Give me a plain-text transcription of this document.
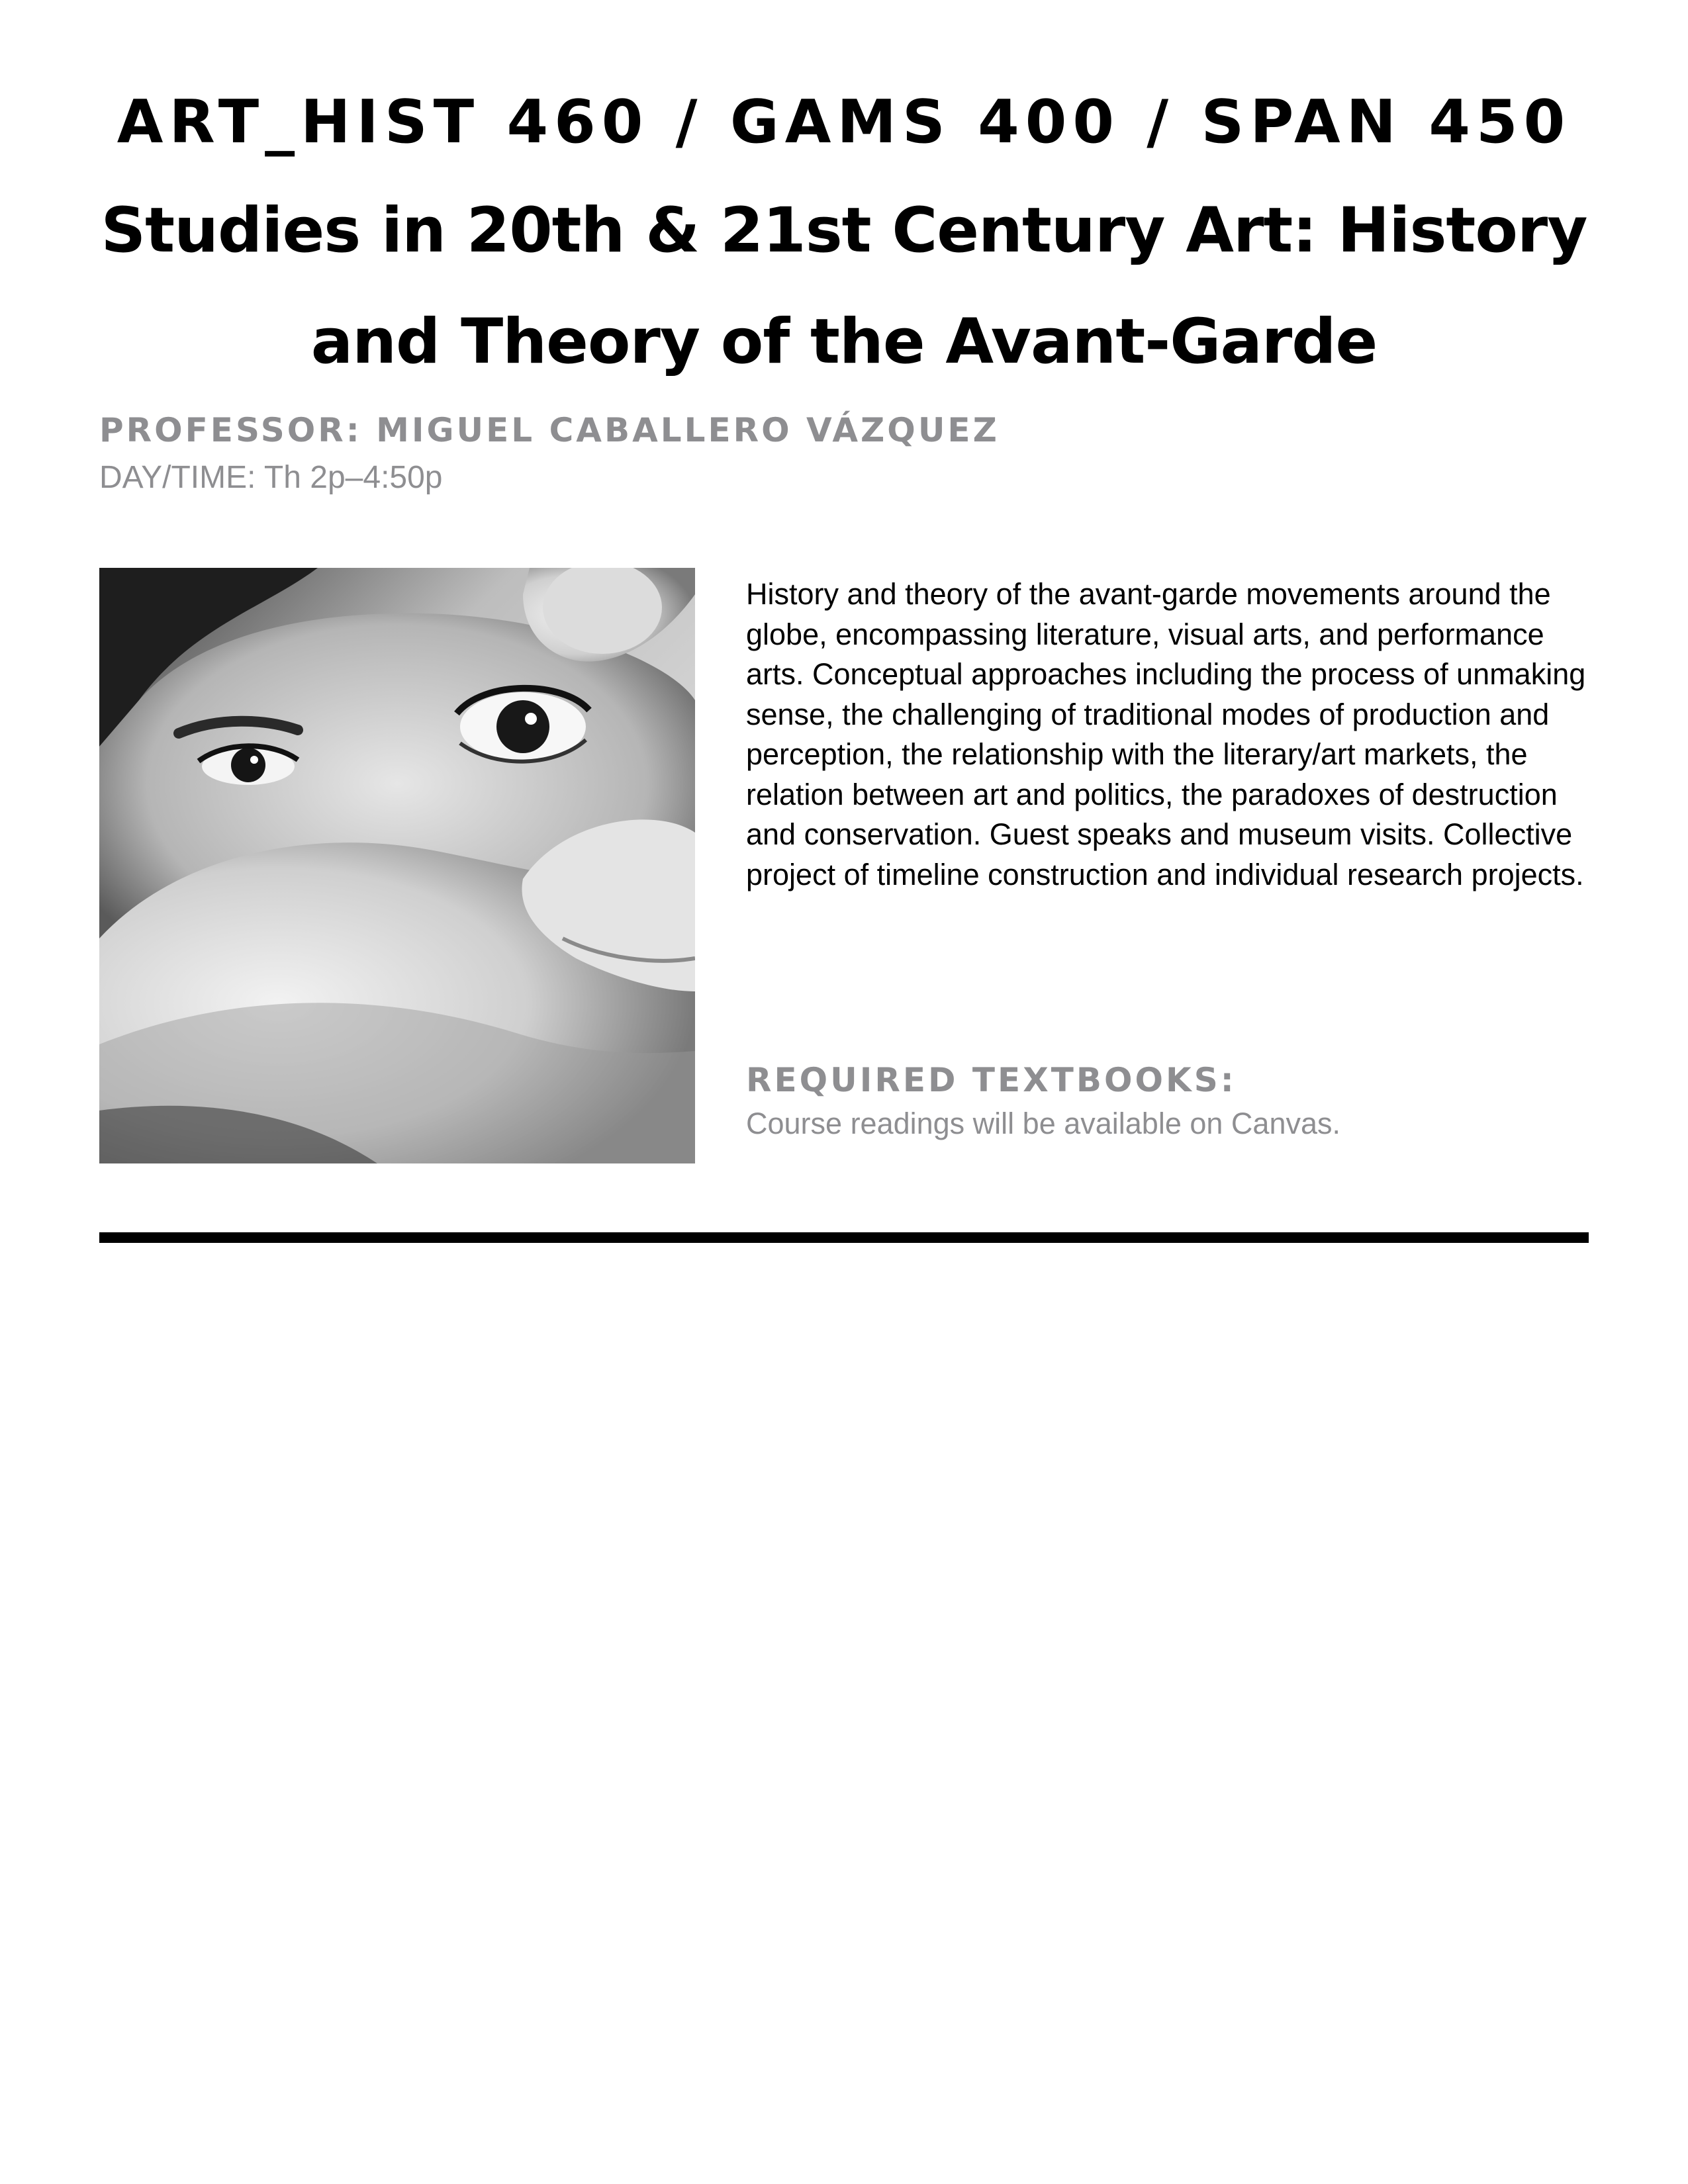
ART_HIST 460 / GAMS 400 / SPAN 450
Studies in 20th & 21st Century Art: History and Theory of the Avant-Garde
PROFESSOR: MIGUEL CABALLERO VÁZQUEZ
DAY/TIME: Th 2p–4:50p

History and theory of the avant-garde movements around the globe, encompassing literature, visual arts, and performance arts. Conceptual approaches including the process of unmaking sense, the challenging of traditional modes of production and perception, the relationship with the literary/art markets, the relation between art and politics, the paradoxes of destruction and conservation. Guest speaks and museum visits. Collective project of timeline construction and individual research projects.

REQUIRED TEXTBOOKS:
Course readings will be available on Canvas.
